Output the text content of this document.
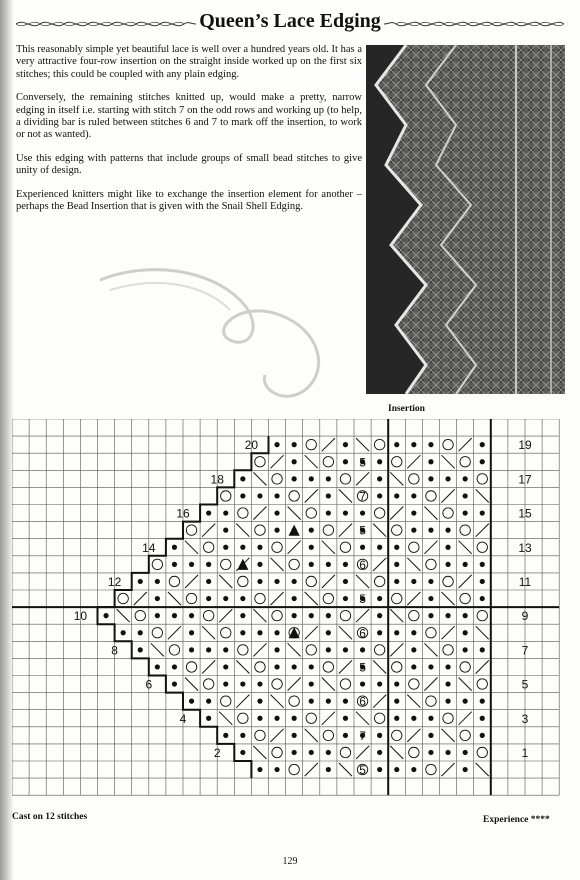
Queen’s Lace Edging

This reasonably simple yet beautiful lace is well over a hundred years old. It has a very attractive four-row insertion on the straight inside worked up on the first six stitches; this could be coupled with any plain edging.

Conversely, the remaining stitches knitted up, would make a pretty, narrow edging in itself i.e. starting with stitch 7 on the odd rows and working up (to help, a dividing bar is ruled between stitches 6 and 7 to mark off the insertion, to work or not as wanted).

Use this edging with patterns that include groups of small bead stitches to give unity of design.

Experienced knitters might like to exchange the insertion element for another – perhaps the Bead Insertion that is given with the Snail Shell Edging.

Insertion
19
17
15
13
11
9
7
5
3
1
20
18
16
14
12
10
8
6
4
2
5
7
5
6
5
6
5
6
7
5
Cast on 12 stitches	Experience ****
129
